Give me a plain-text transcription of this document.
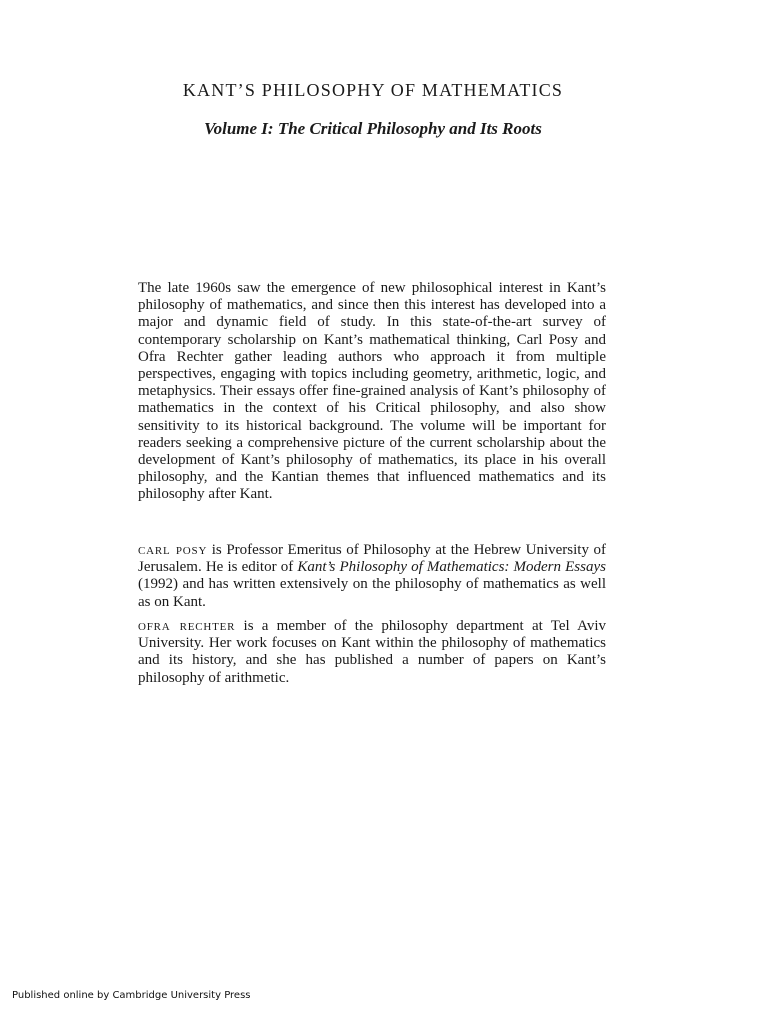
KANT’S PHILOSOPHY OF MATHEMATICS
Volume I: The Critical Philosophy and Its Roots

The late 1960s saw the emergence of new philosophical interest in Kant’s philosophy of mathematics, and since then this interest has developed into a major and dynamic field of study. In this state-of-the-art survey of contemporary scholarship on Kant’s mathematical thinking, Carl Posy and Ofra Rechter gather leading authors who approach it from multiple perspectives, engaging with topics including geometry, arithmetic, logic, and metaphysics. Their essays offer fine-grained analysis of Kant’s philosophy of mathematics in the context of his Critical philosophy, and also show sensitivity to its historical background. The volume will be important for readers seeking a comprehensive picture of the current scholarship about the development of Kant’s philosophy of mathematics, its place in his overall philosophy, and the Kantian themes that influenced mathematics and its philosophy after Kant.

carl posy is Professor Emeritus of Philosophy at the Hebrew University of Jerusalem. He is editor of Kant’s Philosophy of Mathematics: Modern Essays (1992) and has written extensively on the philosophy of mathematics as well as on Kant.

ofra rechter is a member of the philosophy department at Tel Aviv University. Her work focuses on Kant within the philosophy of mathematics and its history, and she has published a number of papers on Kant’s philosophy of arithmetic.

Published online by Cambridge University Press
